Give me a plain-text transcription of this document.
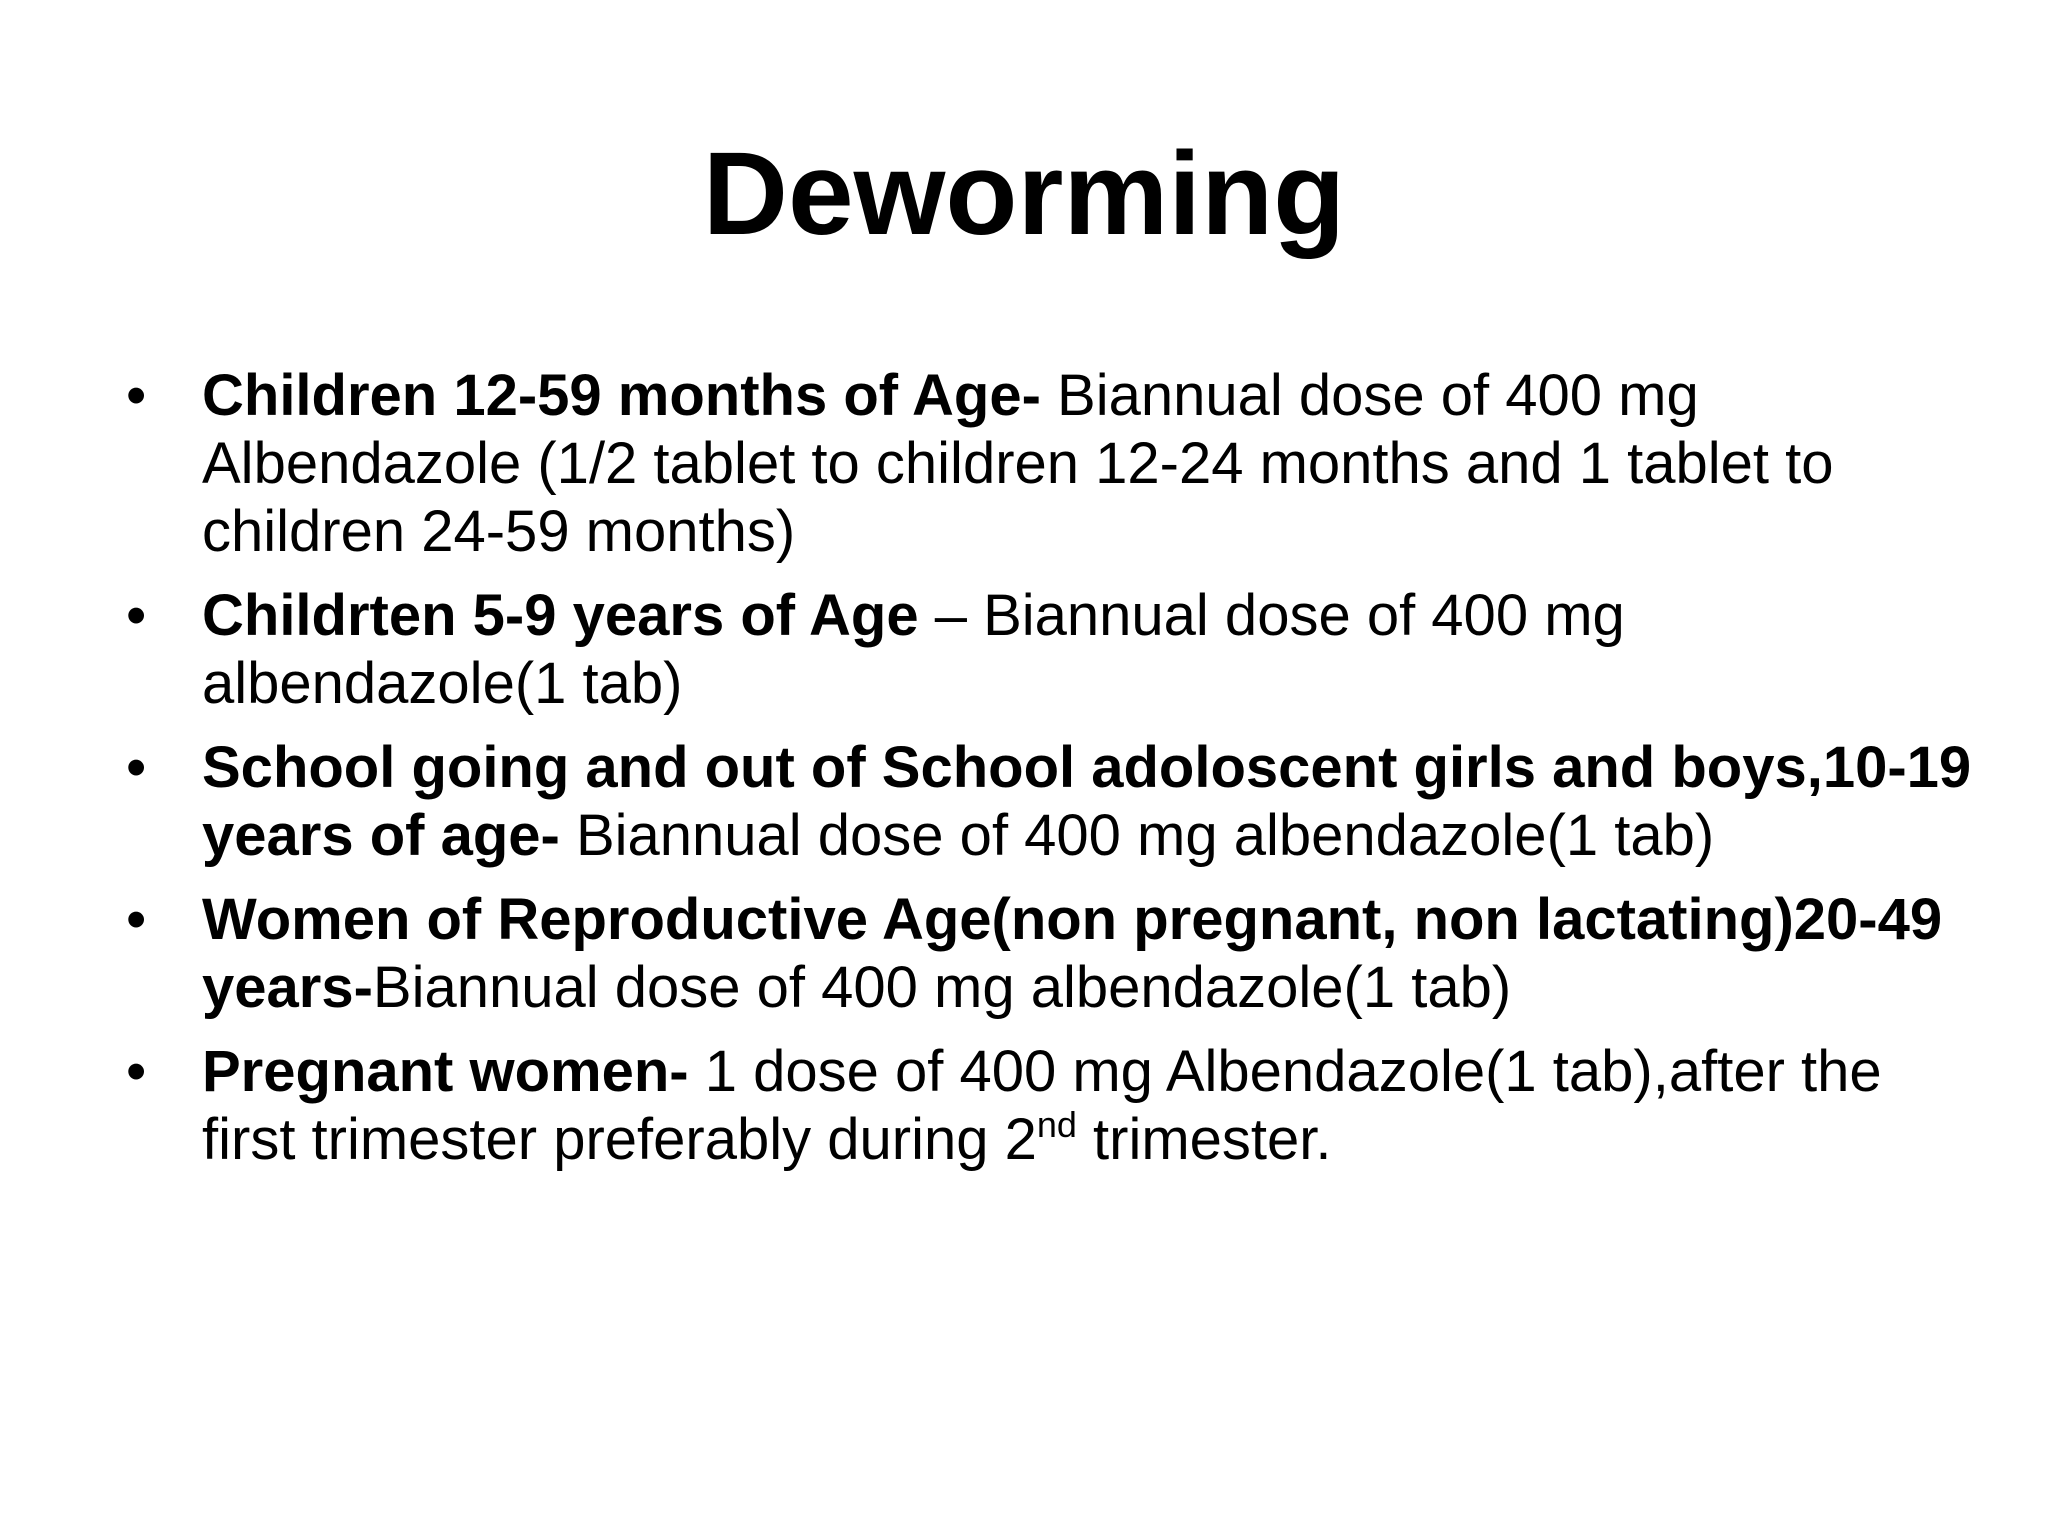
Deworming
• Children 12-59 months of Age- Biannual dose of 400 mg Albendazole (1/2 tablet to children 12-24 months and 1 tablet to children 24-59 months)
• Childrten 5-9 years of Age – Biannual dose of 400 mg albendazole(1 tab)
• School going and out of School adoloscent girls and boys,10-19 years of age- Biannual dose of 400 mg albendazole(1 tab)
• Women of Reproductive Age(non pregnant, non lactating)20-49 years-Biannual dose of 400 mg albendazole(1 tab)
• Pregnant women- 1 dose of 400 mg Albendazole(1 tab),after the first trimester preferably during 2nd trimester.
